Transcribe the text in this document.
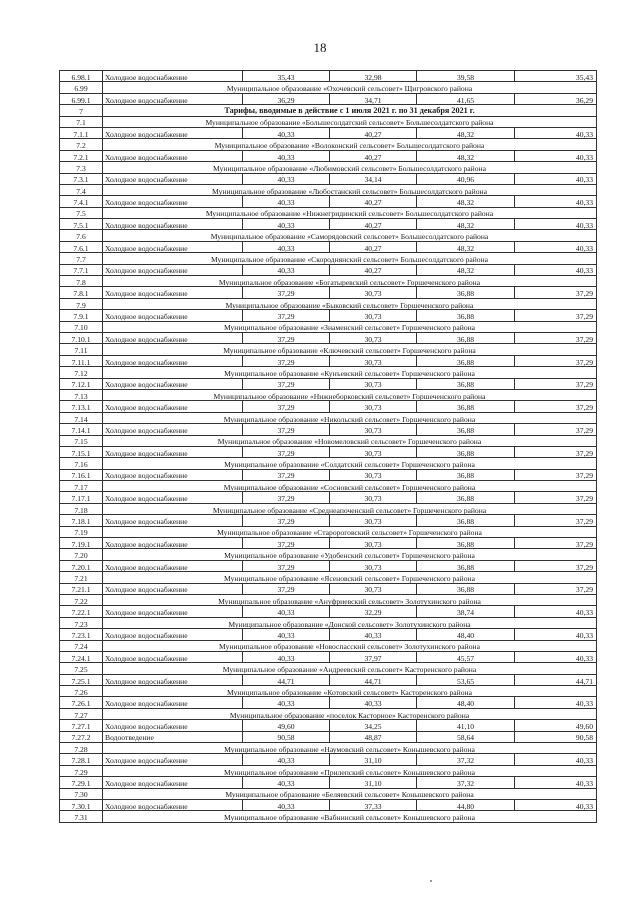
18
6.98.1	Холодное водоснабжение	35,43	32,98	39,58	35,43
6.99	Муниципальное образование «Охочевский сельсовет» Щигровского района				
6.99.1	Холодное водоснабжение	36,29	34,71	41,65	36,29
7	Тарифы, вводимые в действие с 1 июля 2021 г. по 31 декабря 2021 г.				
7.1	Муниципальное образование «Большесолдатский сельсовет» Большесолдатского района				
7.1.1	Холодное водоснабжение	40,33	40,27	48,32	40,33
7.2	Муниципальное образование «Волоконский сельсовет» Большесолдатского района				
7.2.1	Холодное водоснабжение	40,33	40,27	48,32	40,33
7.3	Муниципальное образование «Любимовский сельсовет» Большесолдатского района				
7.3.1	Холодное водоснабжение	40,33	34,14	40,96	40,33
7.4	Муниципальное образование «Любостанский сельсовет» Большесолдатского района				
7.4.1	Холодное водоснабжение	40,33	40,27	48,32	40,33
7.5	Муниципальное образование «Нижнегридинский сельсовет» Большесолдатского района				
7.5.1	Холодное водоснабжение	40,33	40,27	48,32	40,33
7.6	Муниципальное образование «Саморядовский сельсовет» Большесолдатского района				
7.6.1	Холодное водоснабжение	40,33	40,27	48,32	40,33
7.7	Муниципальное образование «Скороднянский сельсовет» Большесолдатского района				
7.7.1	Холодное водоснабжение	40,33	40,27	48,32	40,33
7.8	Муниципальное образование «Богатыревский сельсовет» Горшеченского района				
7.8.1	Холодное водоснабжение	37,29	30,73	36,88	37,29
7.9	Муниципальное образование «Быковский сельсовет» Горшеченского района				
7.9.1	Холодное водоснабжение	37,29	30,73	36,88	37,29
7.10	Муниципальное образование «Знаменский сельсовет» Горшеченского района				
7.10.1	Холодное водоснабжение	37,29	30,73	36,88	37,29
7.11	Муниципальное образование «Ключевский сельсовет» Горшеченского района				
7.11.1	Холодное водоснабжение	37,29	30,73	36,88	37,29
7.12	Муниципальное образование «Кунъевский сельсовет» Горшеченского района				
7.12.1	Холодное водоснабжение	37,29	30,73	36,88	37,29
7.13	Муниципальное образование «Нижнеборковский сельсовет» Горшеченского района				
7.13.1	Холодное водоснабжение	37,29	30,73	36,88	37,29
7.14	Муниципальное образование «Никольский сельсовет» Горшеченского района				
7.14.1	Холодное водоснабжение	37,29	30,73	36,88	37,29
7.15	Муниципальное образование «Новомеловский сельсовет» Горшеченского района				
7.15.1	Холодное водоснабжение	37,29	30,73	36,88	37,29
7.16	Муниципальное образование «Солдатский сельсовет» Горшеченского района				
7.16.1	Холодное водоснабжение	37,29	30,73	36,88	37,29
7.17	Муниципальное образование «Сосновский сельсовет» Горшеченского района				
7.17.1	Холодное водоснабжение	37,29	30,73	36,88	37,29
7.18	Муниципальное образование «Среднеапоченский сельсовет» Горшеченского района				
7.18.1	Холодное водоснабжение	37,29	30,73	36,88	37,29
7.19	Муниципальное образование «Старороговский сельсовет» Горшеченского района				
7.19.1	Холодное водоснабжение	37,29	30,73	36,88	37,29
7.20	Муниципальное образование «Удобенский сельсовет» Горшеченского района				
7.20.1	Холодное водоснабжение	37,29	30,73	36,88	37,29
7.21	Муниципальное образование «Ясеновский сельсовет» Горшеченского района				
7.21.1	Холодное водоснабжение	37,29	30,73	36,88	37,29
7.22	Муниципальное образование «Ануфриевский сельсовет» Золотухинского района				
7.22.1	Холодное водоснабжение	40,33	32,29	38,74	40,33
7.23	Муниципальное образование «Донской сельсовет» Золотухинского района				
7.23.1	Холодное водоснабжение	40,33	40,33	48,40	40,33
7.24	Муниципальное образование «Новоспасский сельсовет» Золотухинского района				
7.24.1	Холодное водоснабжение	40,33	37,97	45,57	40,33
7.25	Муниципальное образование «Андреевский сельсовет» Касторенского района				
7.25.1	Холодное водоснабжение	44,71	44,71	53,65	44,71
7.26	Муниципальное образование «Котовский сельсовет» Касторенского района				
7.26.1	Холодное водоснабжение	40,33	40,33	48,40	40,33
7.27	Муниципальное образование «поселок Касторное» Касторенского района				
7.27.1	Холодное водоснабжение	49,60	34,25	41,10	49,60
7.27.2	Водоотведение	90,58	48,87	58,64	90,58
7.28	Муниципальное образование «Наумовский сельсовет» Конышевского района				
7.28.1	Холодное водоснабжение	40,33	31,10	37,32	40,33
7.29	Муниципальное образование «Прилепский сельсовет» Конышевского района				
7.29.1	Холодное водоснабжение	40,33	31,10	37,32	40,33
7.30	Муниципальное образование «Беляевский сельсовет» Конышевского района				
7.30.1	Холодное водоснабжение	40,33	37,33	44,80	40,33
7.31	Муниципальное образование «Вабнинский сельсовет» Конышевского района				
